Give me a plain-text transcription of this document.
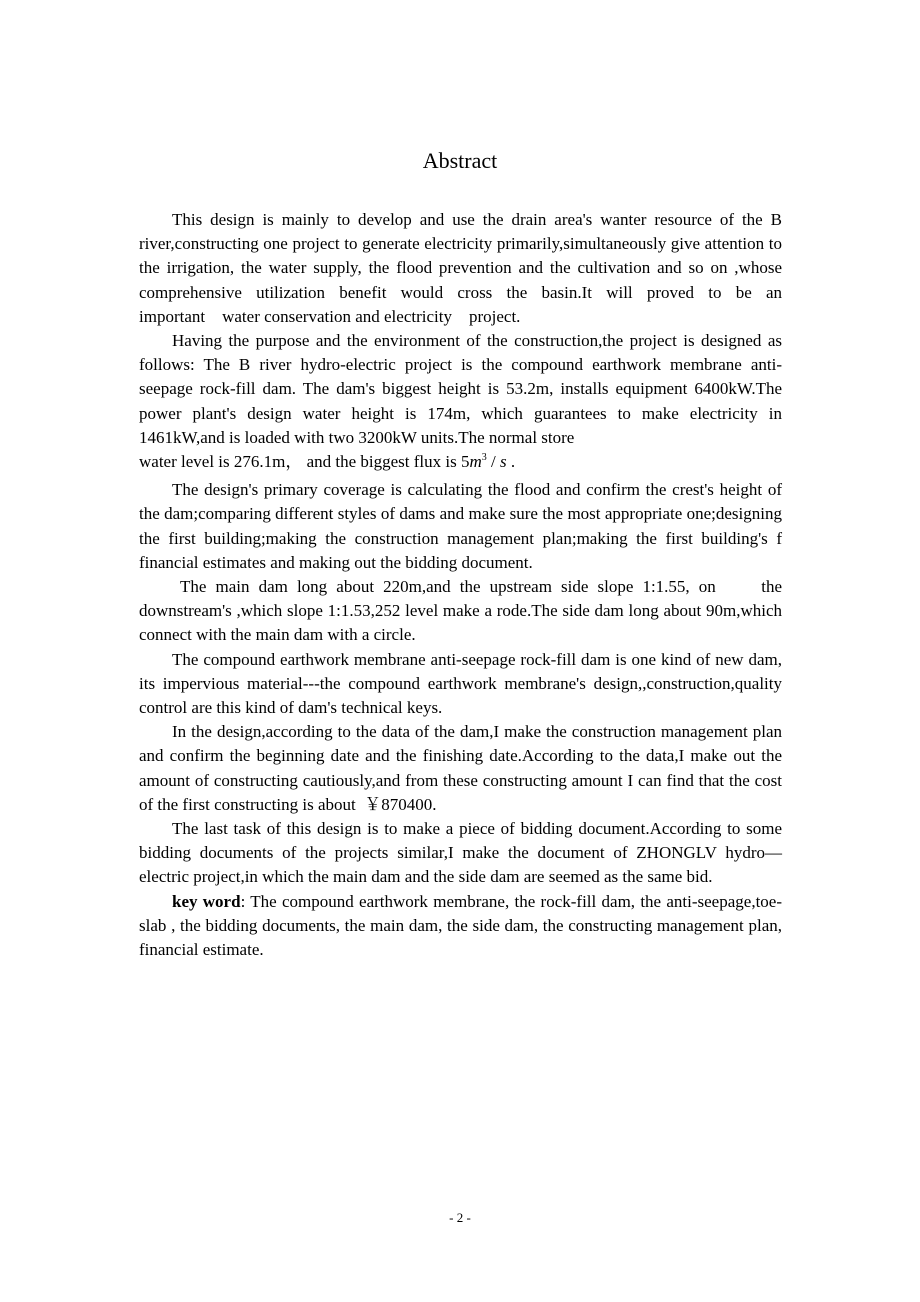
Abstract

This design is mainly to develop and use the drain area's wanter resource of the B river,constructing one project to generate electricity primarily,simultaneously give attention to the irrigation, the water supply, the flood prevention and the cultivation and so on ,whose comprehensive utilization benefit would cross the basin.It will proved to be an important    water conservation and electricity    project.

Having the purpose and the environment of the construction,the project is designed as follows: The B river hydro-electric project is the compound earthwork membrane anti-seepage rock-fill dam. The dam's biggest height is 53.2m, installs equipment 6400kW.The power plant's design water height is 174m, which guarantees to make electricity in 1461kW,and is loaded with two 3200kW units.The normal store
water level is 276.1m， and the biggest flux is $5m^3$ / s .

The design's primary coverage is calculating the flood and confirm the crest's height of the dam;comparing different styles of dams and make sure the most appropriate one;designing the first building;making the construction management plan;making the first building's f financial estimates and making out the bidding document.

The main dam long about 220m,and the upstream side slope 1:1.55, on     the downstream's ,which slope 1:1.53,252 level make a rode.The side dam long about 90m,which connect with the main dam with a circle.

The compound earthwork membrane anti-seepage rock-fill dam is one kind of new dam, its impervious material---the compound earthwork membrane's design,,construction,quality control are this kind of dam's technical keys.

In the design,according to the data of the dam,I make the construction management plan and confirm the beginning date and the finishing date.According to the data,I make out the amount of constructing cautiously,and from these constructing amount I can find that the cost of the first constructing is about  ￥870400.

The last task of this design is to make a piece of bidding document.According to some bidding documents of the projects similar,I make the document of ZHONGLV hydro—electric project,in which the main dam and the side dam are seemed as the same bid.

key word: The compound earthwork membrane, the rock-fill dam, the anti-seepage,toe-slab , the bidding documents, the main dam, the side dam, the constructing management plan, financial estimate.

- 2 -
